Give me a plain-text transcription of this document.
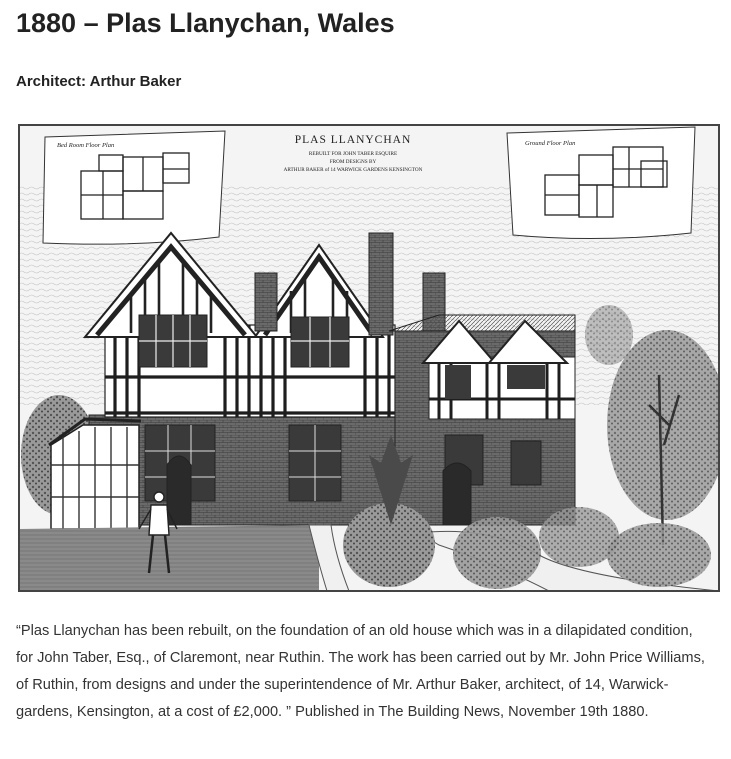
1880 – Plas Llanychan, Wales

Architect: Arthur Baker

Bed Room Floor Plan	PLAS LLANYCHAN
REBUILT FOR JOHN TABER ESQUIRE
FROM DESIGNS BY
ARTHUR BAKER of 14 WARWICK GARDENS KENSINGTON
Ground Floor Plan

“Plas Llanychan has been rebuilt, on the foundation of an old house which was in a dilapidated condition, for John Taber, Esq., of Claremont, near Ruthin. The work has been carried out by Mr. John Price Williams, of Ruthin, from designs and under the superintendence of Mr. Arthur Baker, architect, of 14, Warwick- gardens, Kensington, at a cost of £2,000. ” Published in The Building News, November 19th 1880.
